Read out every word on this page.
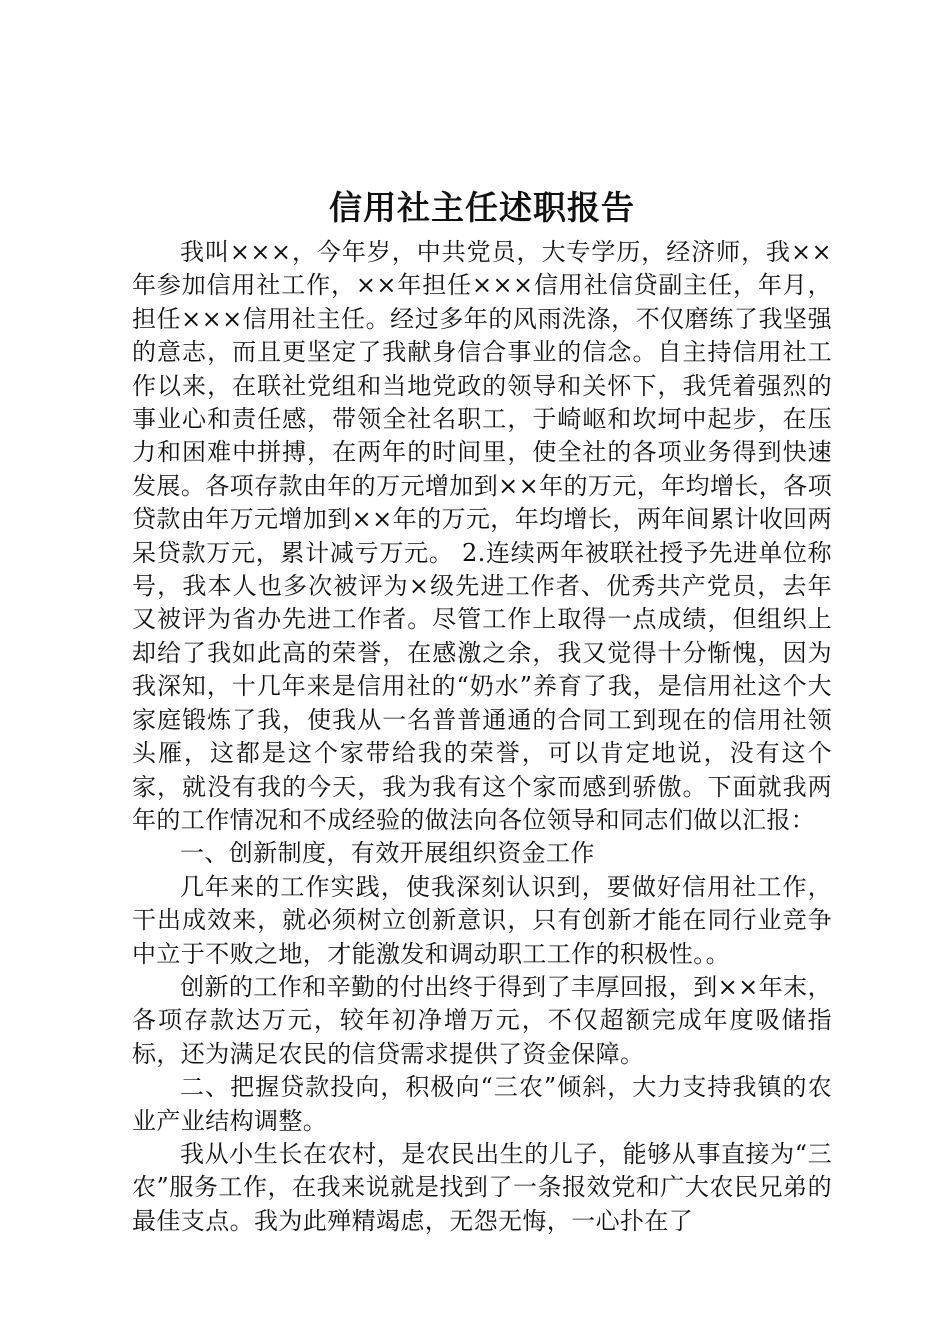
信用社主任述职报告

我叫×××，今年岁，中共党员，大专学历，经济师，我××年参加信用社工作，××年担任×××信用社信贷副主任，年月，担任×××信用社主任。经过多年的风雨洗涤，不仅磨练了我坚强的意志，而且更坚定了我献身信合事业的信念。自主持信用社工作以来，在联社党组和当地党政的领导和关怀下，我凭着强烈的事业心和责任感，带领全社名职工，于崎岖和坎坷中起步，在压力和困难中拼搏，在两年的时间里，使全社的各项业务得到快速发展。各项存款由年的万元增加到××年的万元，年均增长，各项贷款由年万元增加到××年的万元，年均增长，两年间累计收回两呆贷款万元，累计减亏万元。 2.连续两年被联社授予先进单位称号，我本人也多次被评为×级先进工作者、优秀共产党员，去年又被评为省办先进工作者。尽管工作上取得一点成绩，但组织上却给了我如此高的荣誉，在感激之余，我又觉得十分惭愧，因为我深知，十几年来是信用社的“奶水”养育了我，是信用社这个大家庭锻炼了我，使我从一名普普通通的合同工到现在的信用社领头雁，这都是这个家带给我的荣誉，可以肯定地说，没有这个家，就没有我的今天，我为我有这个家而感到骄傲。下面就我两年的工作情况和不成经验的做法向各位领导和同志们做以汇报：

一、创新制度，有效开展组织资金工作

几年来的工作实践，使我深刻认识到，要做好信用社工作，干出成效来，就必须树立创新意识，只有创新才能在同行业竞争中立于不败之地，才能激发和调动职工工作的积极性。。

创新的工作和辛勤的付出终于得到了丰厚回报，到××年末，各项存款达万元，较年初净增万元，不仅超额完成年度吸储指标，还为满足农民的信贷需求提供了资金保障。

二、把握贷款投向，积极向“三农”倾斜，大力支持我镇的农业产业结构调整。

我从小生长在农村，是农民出生的儿子，能够从事直接为“三农”服务工作，在我来说就是找到了一条报效党和广大农民兄弟的最佳支点。我为此殚精竭虑，无怨无悔，一心扑在了
